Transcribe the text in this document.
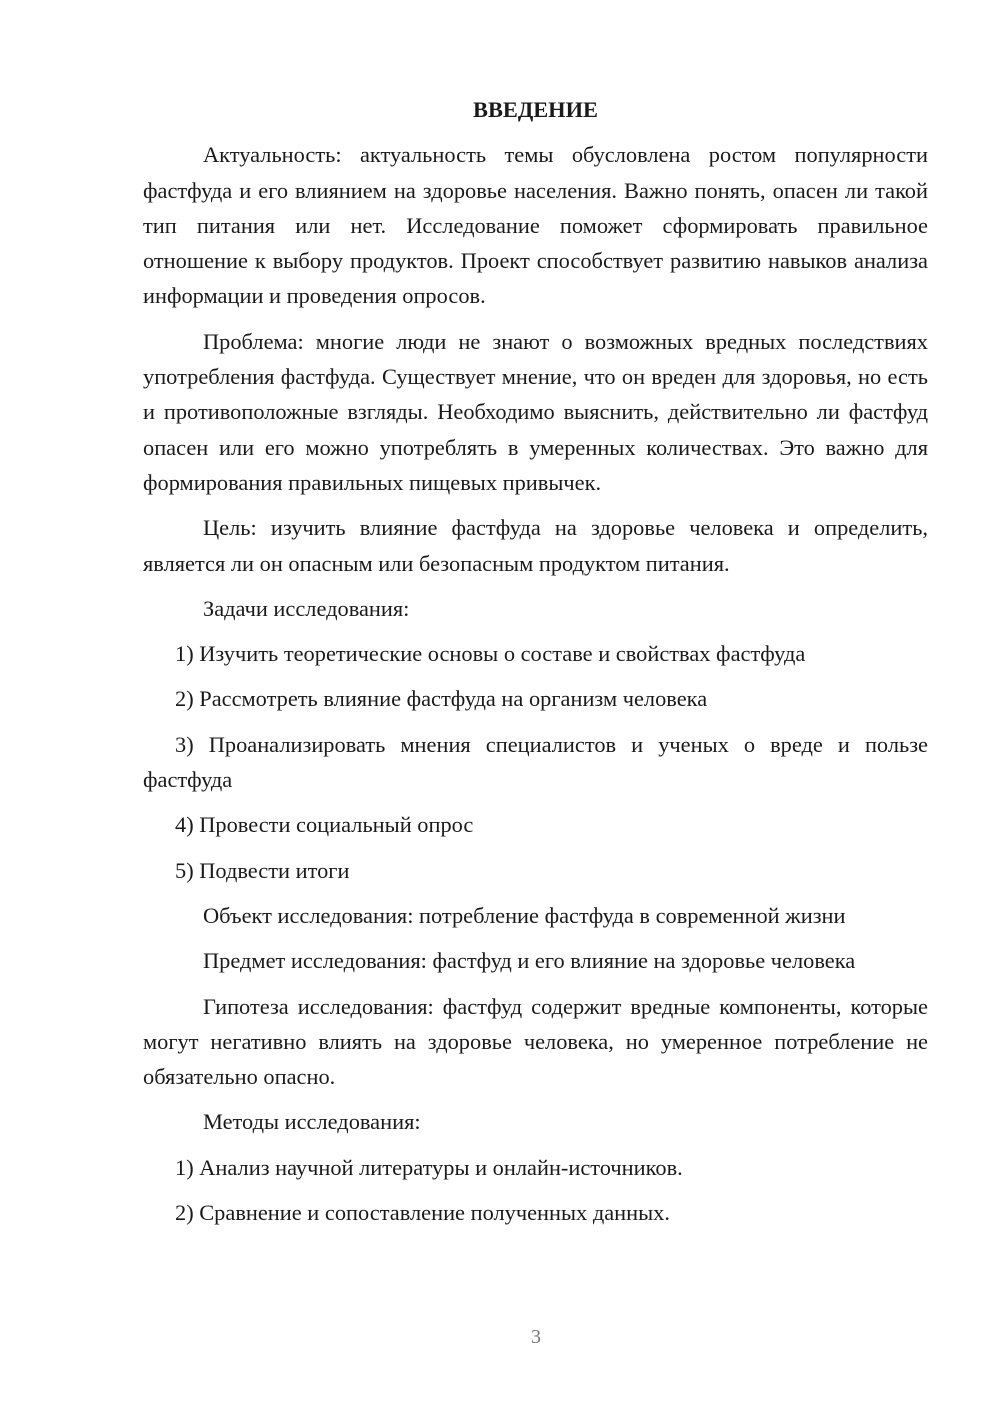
ВВЕДЕНИЕ

Актуальность: актуальность темы обусловлена ростом популярности фастфуда и его влиянием на здоровье населения. Важно понять, опасен ли такой тип питания или нет. Исследование поможет сформировать правильное отношение к выбору продуктов. Проект способствует развитию навыков анализа информации и проведения опросов.

Проблема: многие люди не знают о возможных вредных последствиях употребления фастфуда. Существует мнение, что он вреден для здоровья, но есть и противоположные взгляды. Необходимо выяснить, действительно ли фастфуд опасен или его можно употреблять в умеренных количествах. Это важно для формирования правильных пищевых привычек.

Цель: изучить влияние фастфуда на здоровье человека и определить, является ли он опасным или безопасным продуктом питания.

Задачи исследования:

1) Изучить теоретические основы о составе и свойствах фастфуда

2) Рассмотреть влияние фастфуда на организм человека

3) Проанализировать мнения специалистов и ученых о вреде и пользе фастфуда

4) Провести социальный опрос

5) Подвести итоги

Объект исследования: потребление фастфуда в современной жизни

Предмет исследования: фастфуд и его влияние на здоровье человека

Гипотеза исследования: фастфуд содержит вредные компоненты, которые могут негативно влиять на здоровье человека, но умеренное потребление не обязательно опасно.

Методы исследования:

1) Анализ научной литературы и онлайн-источников.

2) Сравнение и сопоставление полученных данных.

3
